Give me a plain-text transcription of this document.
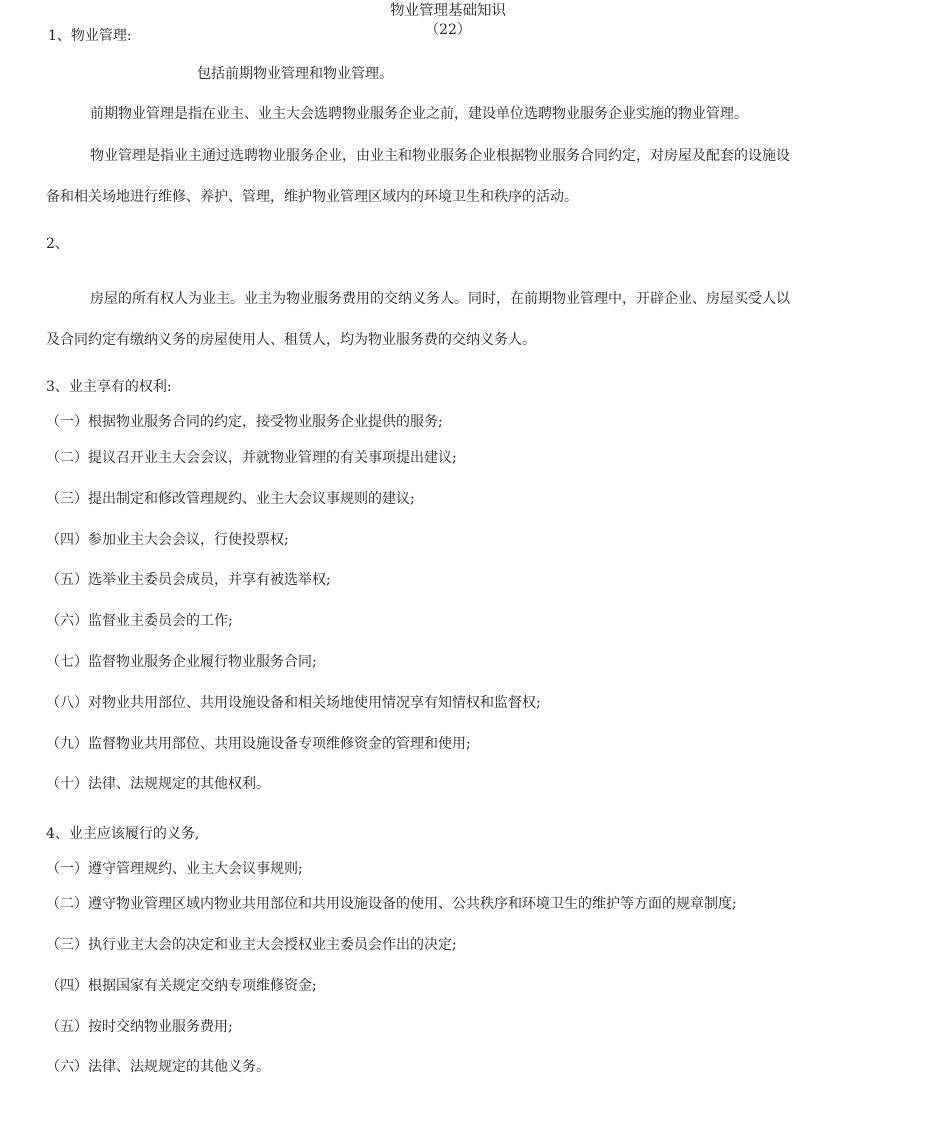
物业管理基础知识
（22）
1、物业管理:
包括前期物业管理和物业管理。
前期物业管理是指在业主、业主大会选聘物业服务企业之前，建设单位选聘物业服务企业实施的物业管理。
物业管理是指业主通过选聘物业服务企业，由业主和物业服务企业根据物业服务合同约定，对房屋及配套的设施设
备和相关场地进行维修、养护、管理，维护物业管理区域内的环境卫生和秩序的活动。
2、
房屋的所有权人为业主。业主为物业服务费用的交纳义务人。同时，在前期物业管理中，开辟企业、房屋买受人以
及合同约定有缴纳义务的房屋使用人、租赁人，均为物业服务费的交纳义务人。
3、业主享有的权利:
（一）根据物业服务合同的约定，接受物业服务企业提供的服务;
（二）提议召开业主大会会议，并就物业管理的有关事项提出建议;
（三）提出制定和修改管理规约、业主大会议事规则的建议;
（四）参加业主大会会议，行使投票权;
（五）选举业主委员会成员，并享有被选举权;
（六）监督业主委员会的工作;
（七）监督物业服务企业履行物业服务合同;
（八）对物业共用部位、共用设施设备和相关场地使用情况享有知情权和监督权;
（九）监督物业共用部位、共用设施设备专项维修资金的管理和使用;
（十）法律、法规规定的其他权利。
4、业主应该履行的义务,
（一）遵守管理规约、业主大会议事规则;
（二）遵守物业管理区域内物业共用部位和共用设施设备的使用、公共秩序和环境卫生的维护等方面的规章制度;
（三）执行业主大会的决定和业主大会授权业主委员会作出的决定;
（四）根据国家有关规定交纳专项维修资金;
（五）按时交纳物业服务费用;
（六）法律、法规规定的其他义务。
